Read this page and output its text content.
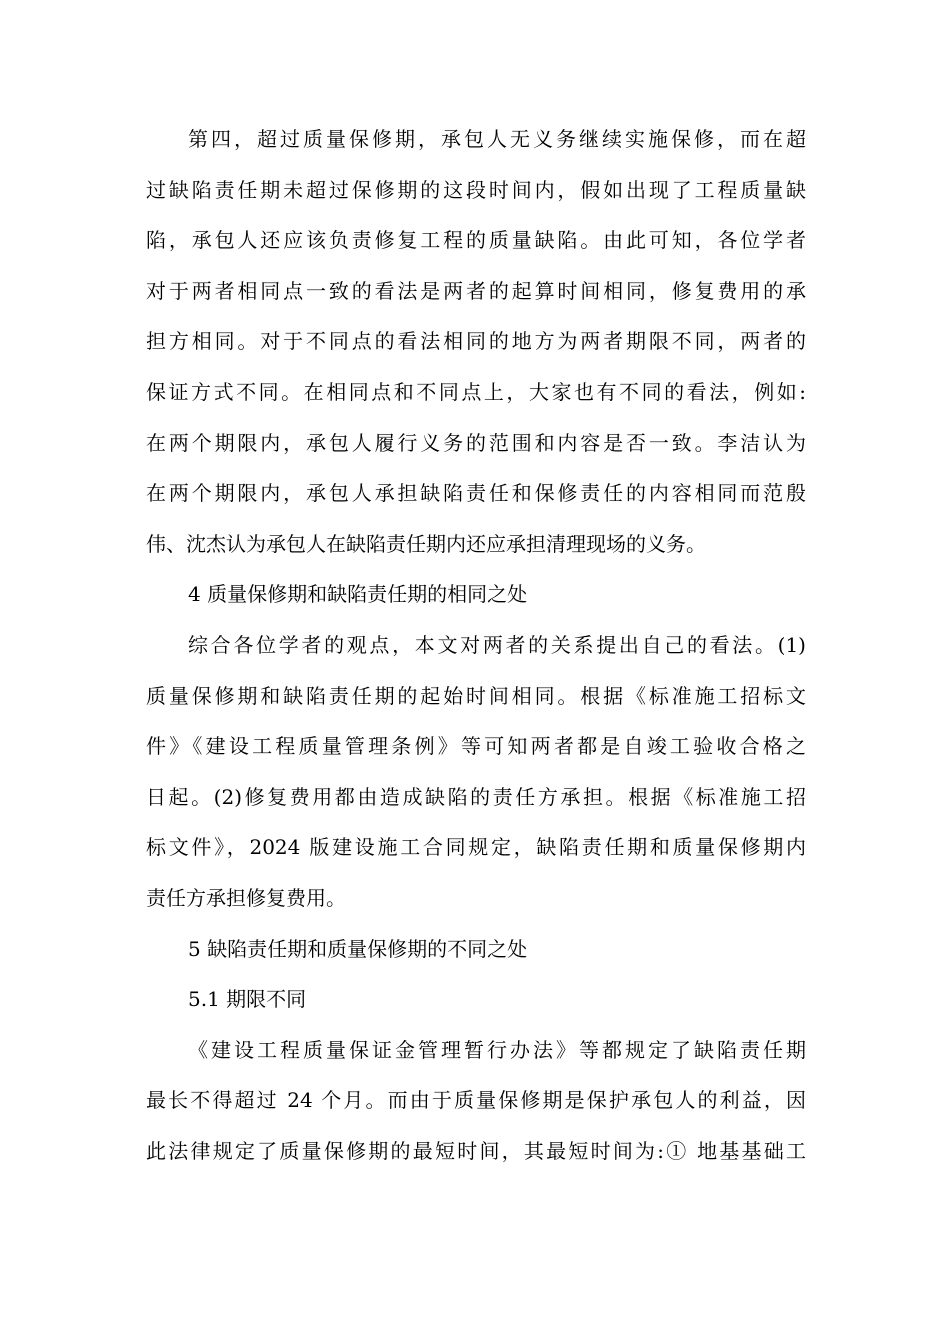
第四，超过质量保修期，承包人无义务继续实施保修，而在超
过缺陷责任期未超过保修期的这段时间内，假如出现了工程质量缺
陷，承包人还应该负责修复工程的质量缺陷。由此可知，各位学者
对于两者相同点一致的看法是两者的起算时间相同，修复费用的承
担方相同。对于不同点的看法相同的地方为两者期限不同，两者的
保证方式不同。在相同点和不同点上，大家也有不同的看法，例如:
在两个期限内，承包人履行义务的范围和内容是否一致。李洁认为
在两个期限内，承包人承担缺陷责任和保修责任的内容相同而范殷
伟、沈杰认为承包人在缺陷责任期内还应承担清理现场的义务。
4 质量保修期和缺陷责任期的相同之处
综合各位学者的观点，本文对两者的关系提出自己的看法。(1)
质量保修期和缺陷责任期的起始时间相同。根据《标准施工招标文
件》《建设工程质量管理条例》等可知两者都是自竣工验收合格之
日起。(2)修复费用都由造成缺陷的责任方承担。根据《标准施工招
标文件》，2024 版建设施工合同规定，缺陷责任期和质量保修期内
责任方承担修复费用。
5 缺陷责任期和质量保修期的不同之处
5.1 期限不同
《建设工程质量保证金管理暂行办法》等都规定了缺陷责任期
最长不得超过 24 个月。而由于质量保修期是保护承包人的利益，因
此法律规定了质量保修期的最短时间，其最短时间为:① 地基基础工
